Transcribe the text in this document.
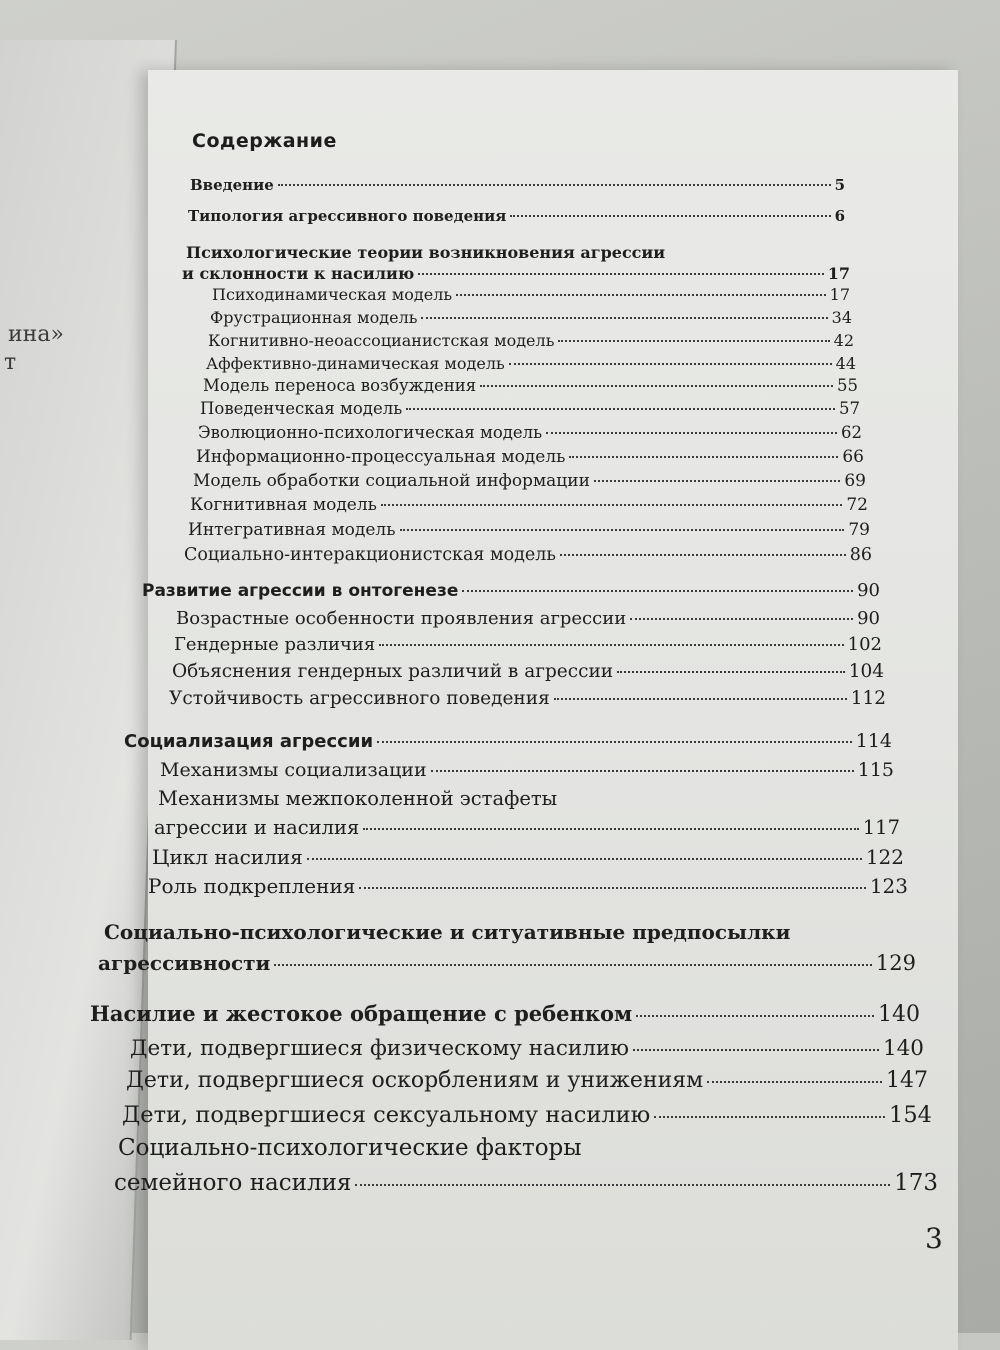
ина»
т
Содержание
Введение	5
Типология агрессивного поведения	6
Психологические теории возникновения агрессии
и склонности к насилию	17
Психодинамическая модель	17
Фрустрационная модель	34
Когнитивно-неоассоцианистская модель	42
Аффективно-динамическая модель	44
Модель переноса возбуждения	55
Поведенческая модель	57
Эволюционно-психологическая модель	62
Информационно-процессуальная модель	66
Модель обработки социальной информации	69
Когнитивная модель	72
Интегративная модель	79
Социально-интеракционистская модель	86
Развитие агрессии в онтогенезе	90
Возрастные особенности проявления агрессии	90
Гендерные различия	102
Объяснения гендерных различий в агрессии	104
Устойчивость агрессивного поведения	112
Социализация агрессии	114
Механизмы социализации	115
Механизмы межпоколенной эстафеты
агрессии и насилия	117
Цикл насилия	122
Роль подкрепления	123
Социально-психологические и ситуативные предпосылки
агрессивности	129
Насилие и жестокое обращение с ребенком	140
Дети, подвергшиеся физическому насилию	140
Дети, подвергшиеся оскорблениям и унижениям	147
Дети, подвергшиеся сексуальному насилию	154
Социально-психологические факторы
семейного насилия	173
3
